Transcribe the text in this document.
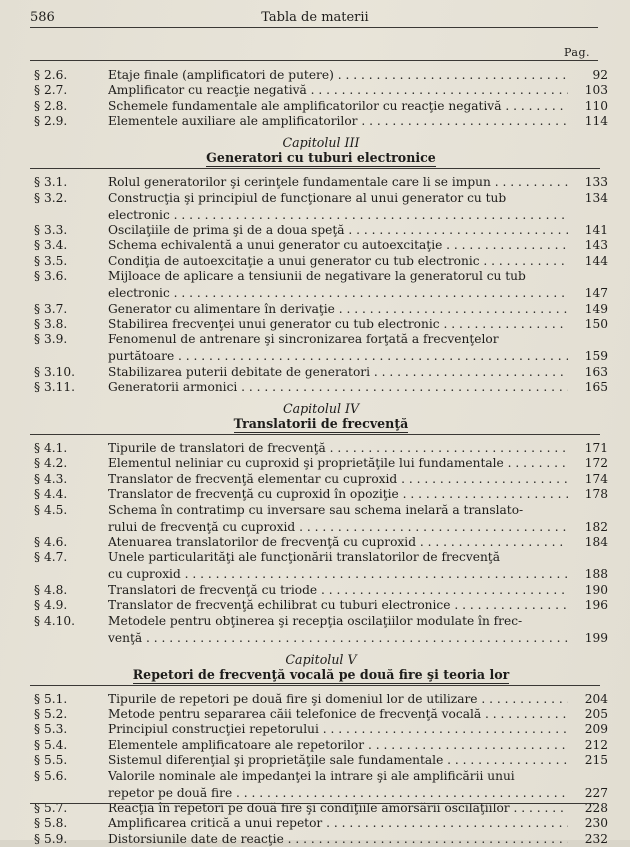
586	Tabla de materii
Pag.
§ 2.6.	Etaje finale (amplificatori de putere) . . .	92
§ 2.7.	Amplificator cu reacţie negativă . . .	103
§ 2.8.	Schemele fundamentale ale amplificatorilor cu reacţie negativă . . .	110
§ 2.9.	Elementele auxiliare ale amplificatorilor . . .	114
Capitolul III
Generatori cu tuburi electronice
§ 3.1.	Rolul generatorilor şi cerinţele fundamentale care li se impun . . .	133
§ 3.2.	Construcţia şi principiul de funcţionare al unui generator cu tub	134
electronic . . .
§ 3.3.	Oscilaţiile de prima şi de a doua speţă . . .	141
§ 3.4.	Schema echivalentă a unui generator cu autoexcitaţie . . .	143
§ 3.5.	Condiţia de autoexcitaţie a unui generator cu tub electronic . . .	144
§ 3.6.	Mijloace de aplicare a tensiunii de negativare la generatorul cu tub
electronic . . .	147
§ 3.7.	Generator cu alimentare în derivaţie . . .	149
§ 3.8.	Stabilirea frecvenţei unui generator cu tub electronic . . .	150
§ 3.9.	Fenomenul de antrenare şi sincronizarea forţată a frecvenţelor
purtătoare . . .	159
§ 3.10.	Stabilizarea puterii debitate de generatori . . .	163
§ 3.11.	Generatorii armonici . . .	165
Capitolul IV
Translatorii de frecvenţă
§ 4.1.	Tipurile de translatori de frecvenţă . . .	171
§ 4.2.	Elementul neliniar cu cuproxid şi proprietăţile lui fundamentale . . .	172
§ 4.3.	Translator de frecvenţă elementar cu cuproxid . . .	174
§ 4.4.	Translator de frecvenţă cu cuproxid în opoziţie . . .	178
§ 4.5.	Schema în contratimp cu inversare sau schema inelară a translato-
rului de frecvenţă cu cuproxid . . .	182
§ 4.6.	Atenuarea translatorilor de frecvenţă cu cuproxid . . .	184
§ 4.7.	Unele particularităţi ale funcţionării translatorilor de frecvenţă
cu cuproxid . . .	188
§ 4.8.	Translatori de frecvenţă cu triode . . .	190
§ 4.9.	Translator de frecvenţă echilibrat cu tuburi electronice . . .	196
§ 4.10.	Metodele pentru obţinerea şi recepţia oscilaţiilor modulate în frec-
venţă . . .	199
Capitolul V
Repetori de frecvenţă vocală pe două fire şi teoria lor
§ 5.1.	Tipurile de repetori pe două fire şi domeniul lor de utilizare . . .	204
§ 5.2.	Metode pentru separarea căii telefonice de frecvenţă vocală . . .	205
§ 5.3.	Principiul construcţiei repetorului . . .	209
§ 5.4.	Elementele amplificatoare ale repetorilor . . .	212
§ 5.5.	Sistemul diferenţial şi proprietăţile sale fundamentale . . .	215
§ 5.6.	Valorile nominale ale impedanţei la intrare şi ale amplificării unui
repetor pe două fire . . .	227
§ 5.7.	Reacţia în repetori pe două fire şi condiţiile amorsării oscilaţiilor . . .	228
§ 5.8.	Amplificarea critică a unui repetor . . .	230
§ 5.9.	Distorsiunile date de reacţie . . .	232
